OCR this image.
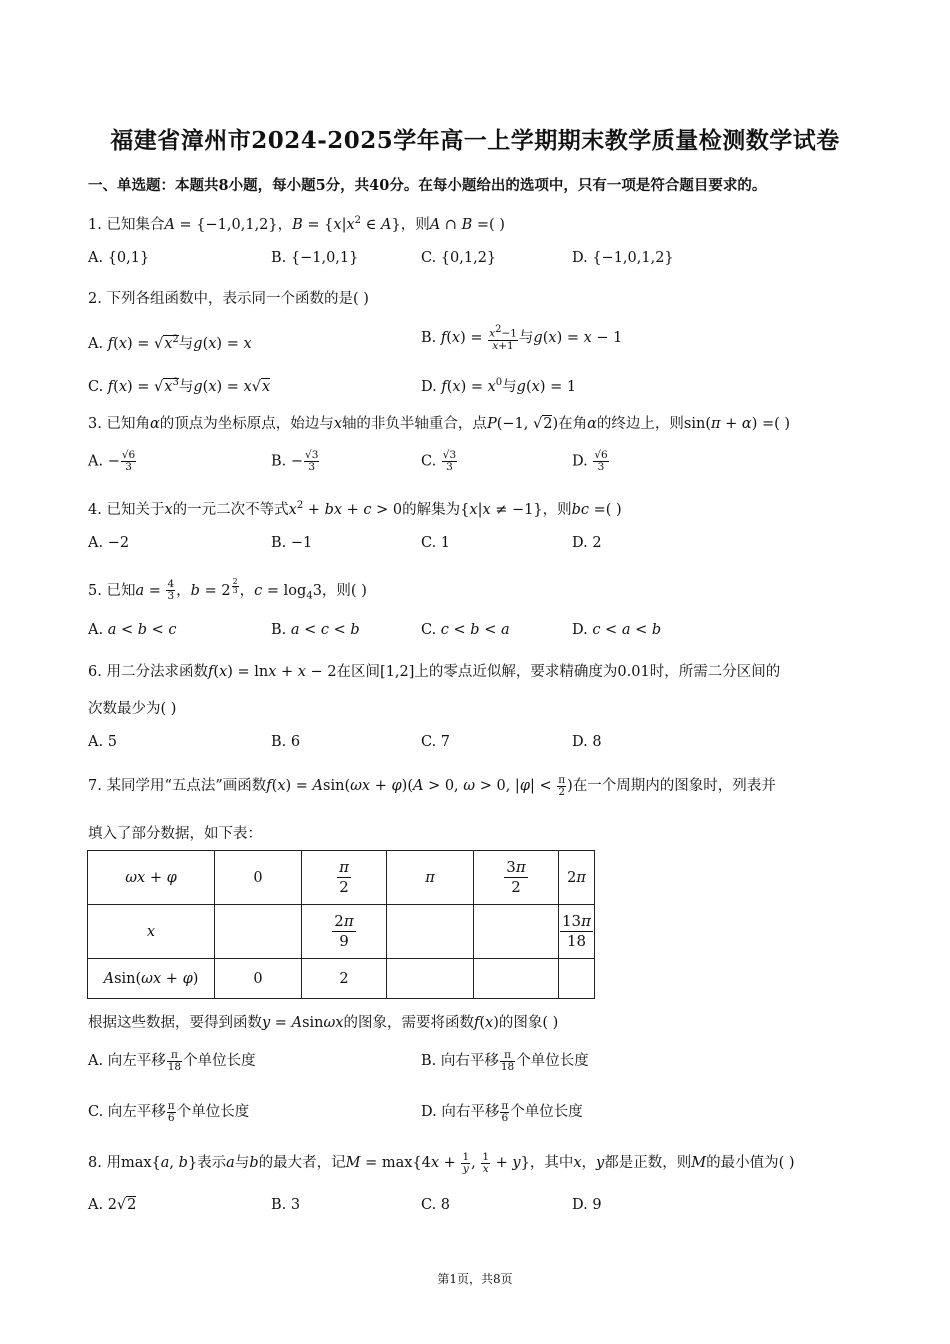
福建省漳州市2024-2025学年高一上学期期末教学质量检测数学试卷
一、单选题：本题共8小题，每小题5分，共40分。在每小题给出的选项中，只有一项是符合题目要求的。
1. 已知集合A = {−1,0,1,2}，$B = \{x|x^2$ ∈ A}，则A ∩ B =( )
A. {0,1}	B. {−1,0,1}	C. {0,1,2}	D. {−1,0,1,2}
2. 下列各组函数中，表示同一个函数的是( )
A. $f(x) = √x^2$与g(x) = x	B. $f(x) = \frac{x^2-1}{x+1}$ 与g(x) = x − 1
C. $f(x) = √x^3$与g(x) = x√x	D. $f(x) = x^0$与g(x) = 1
3. 已知角α的顶点为坐标原点，始边与x轴的非负半轴重合，点P(−1, √2)在角α的终边上，则sin(π + α) =( )
A. − $\frac{√6}{3}$	B. − $\frac{√3}{3}$	C. $\frac{√3}{3}$	D. $\frac{√6}{3}$
4. 已知关于x的一元二次不等式$x^2$ + bx + c > 0的解集为{x|x ≠ −1}，则bc =( )
A. −2	B. −1	C. 1	D. 2
5. 已知$a = \frac{4}{3}$ ，b = 2 $^{\frac{2}{3}}$ ，$c = \log_43$，则( )
A. a < b < c	B. a < c < b	C. c < b < a	D. c < a < b
6. 用二分法求函数f(x) = lnx + x − 2在区间[1,2]上的零点近似解，要求精确度为0.01时，所需二分区间的
次数最少为( )
A. 5	B. 6	C. 7	D. 8
7. 某同学用“五点法”画函数f(x) = Asin(ωx + φ)(A > 0, ω > 0, $|\varphi| < \frac{\pi}{2}$ )在一个周期内的图象时，列表并
填入了部分数据，如下表：
ωx + φ	0	$\frac{\pi}{2}$	π	$\frac{3\pi}{2}$	2π
x		$\frac{2\pi}{9}$			$\frac{13\pi}{18}$

Asin(ωx + φ)	0	2			
根据这些数据，要得到函数y = Asinωx的图象，需要将函数f(x)的图象( )
A. 向左平移 $\frac{\pi}{18}$ 个单位长度	B. 向右平移 $\frac{\pi}{18}$ 个单位长度
C. 向左平移 $\frac{\pi}{6}$ 个单位长度	D. 向右平移 $\frac{\pi}{6}$ 个单位长度
8. 用max{a, b}表示a与b的最大者，记$M = \max\{4x + \frac{1}{y}$ , $\frac{1}{x} + y$}，其中x，y都是正数，则M的最小值为( )
A. 2√2	B. 3	C. 8	D. 9
第1页，共8页
